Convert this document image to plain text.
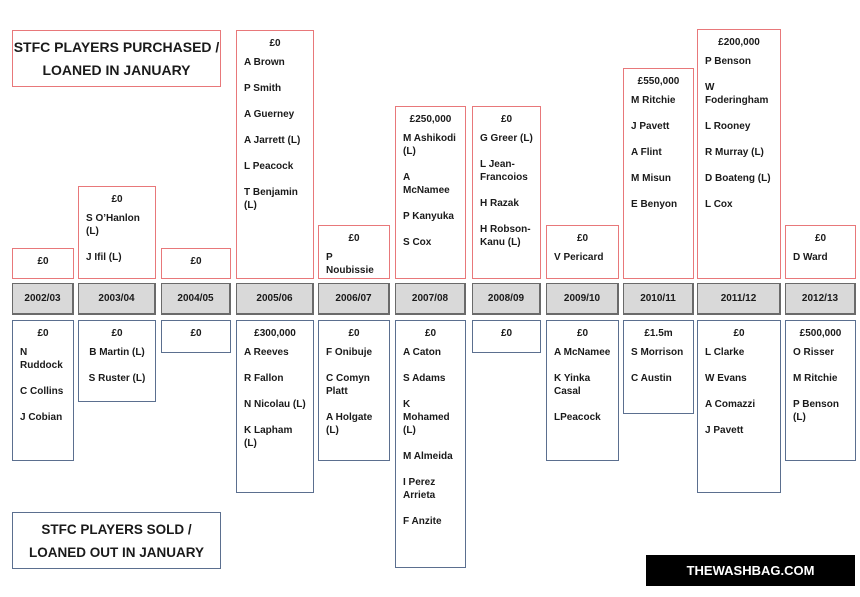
STFC PLAYERS PURCHASED / LOANED IN JANUARY
STFC PLAYERS SOLD / LOANED OUT IN JANUARY
THEWASHBAG.COM
£0
2002/03
£0
N Ruddock
C Collins
J Cobian
£0
S O’Hanlon (L)
J Ifil (L)
2003/04
£0
B Martin (L)
S Ruster (L)
£0
2004/05
£0
£0
A Brown
P Smith
A Guerney
A Jarrett (L)
L Peacock
T Benjamin (L)
2005/06
£300,000
A Reeves
R Fallon
N Nicolau (L)
K Lapham (L)
£0
P Noubissie
2006/07
£0
F Onibuje
C Comyn Platt
A Holgate (L)
£250,000
M Ashikodi (L)
A McNamee
P Kanyuka
S Cox
2007/08
£0
A Caton
S Adams
K Mohamed (L)
M Almeida
I Perez Arrieta
F Anzite
£0
G Greer (L)
L Jean-Francoios
H Razak
H Robson-Kanu (L)
2008/09
£0
£0
V Pericard
2009/10
£0
A McNamee
K Yinka Casal
LPeacock
£550,000
M Ritchie
J Pavett
A Flint
M Misun
E Benyon
2010/11
£1.5m
S Morrison
C Austin
£200,000
P Benson
W Foderingham
L Rooney
R Murray (L)
D Boateng (L)
L Cox
2011/12
£0
L Clarke
W Evans
A Comazzi
J Pavett
£0
D Ward
2012/13
£500,000
O Risser
M Ritchie
P Benson (L)
